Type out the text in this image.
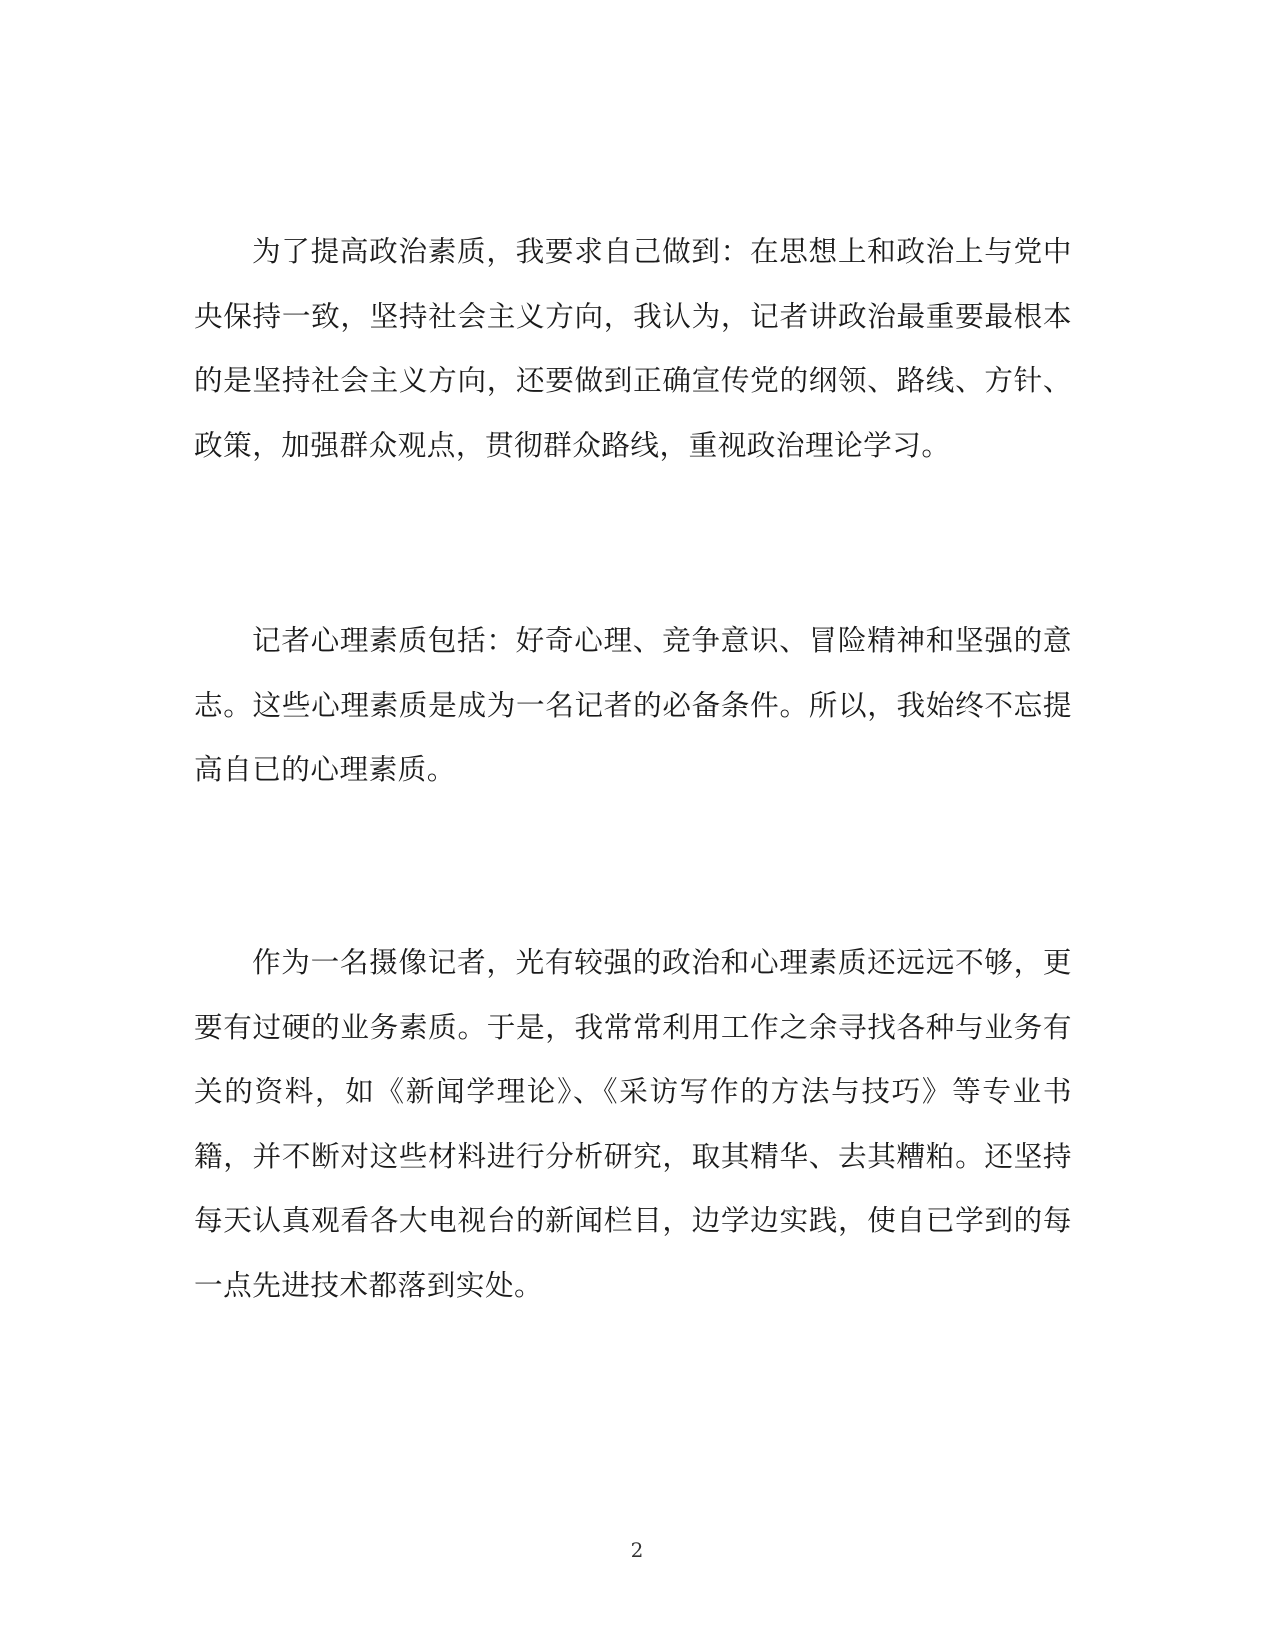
为了提高政治素质，我要求自己做到：在思想上和政治上与党中
央保持一致，坚持社会主义方向，我认为，记者讲政治最重要最根本
的是坚持社会主义方向，还要做到正确宣传党的纲领、路线、方针、
政策，加强群众观点，贯彻群众路线，重视政治理论学习。

记者心理素质包括：好奇心理、竞争意识、冒险精神和坚强的意
志。这些心理素质是成为一名记者的必备条件。所以，我始终不忘提
高自已的心理素质。

作为一名摄像记者，光有较强的政治和心理素质还远远不够，更
要有过硬的业务素质。于是，我常常利用工作之余寻找各种与业务有
关的资料，如《新闻学理论》、《采访写作的方法与技巧》等专业书
籍，并不断对这些材料进行分析研究，取其精华、去其糟粕。还坚持
每天认真观看各大电视台的新闻栏目，边学边实践，使自已学到的每
一点先进技术都落到实处。

2
